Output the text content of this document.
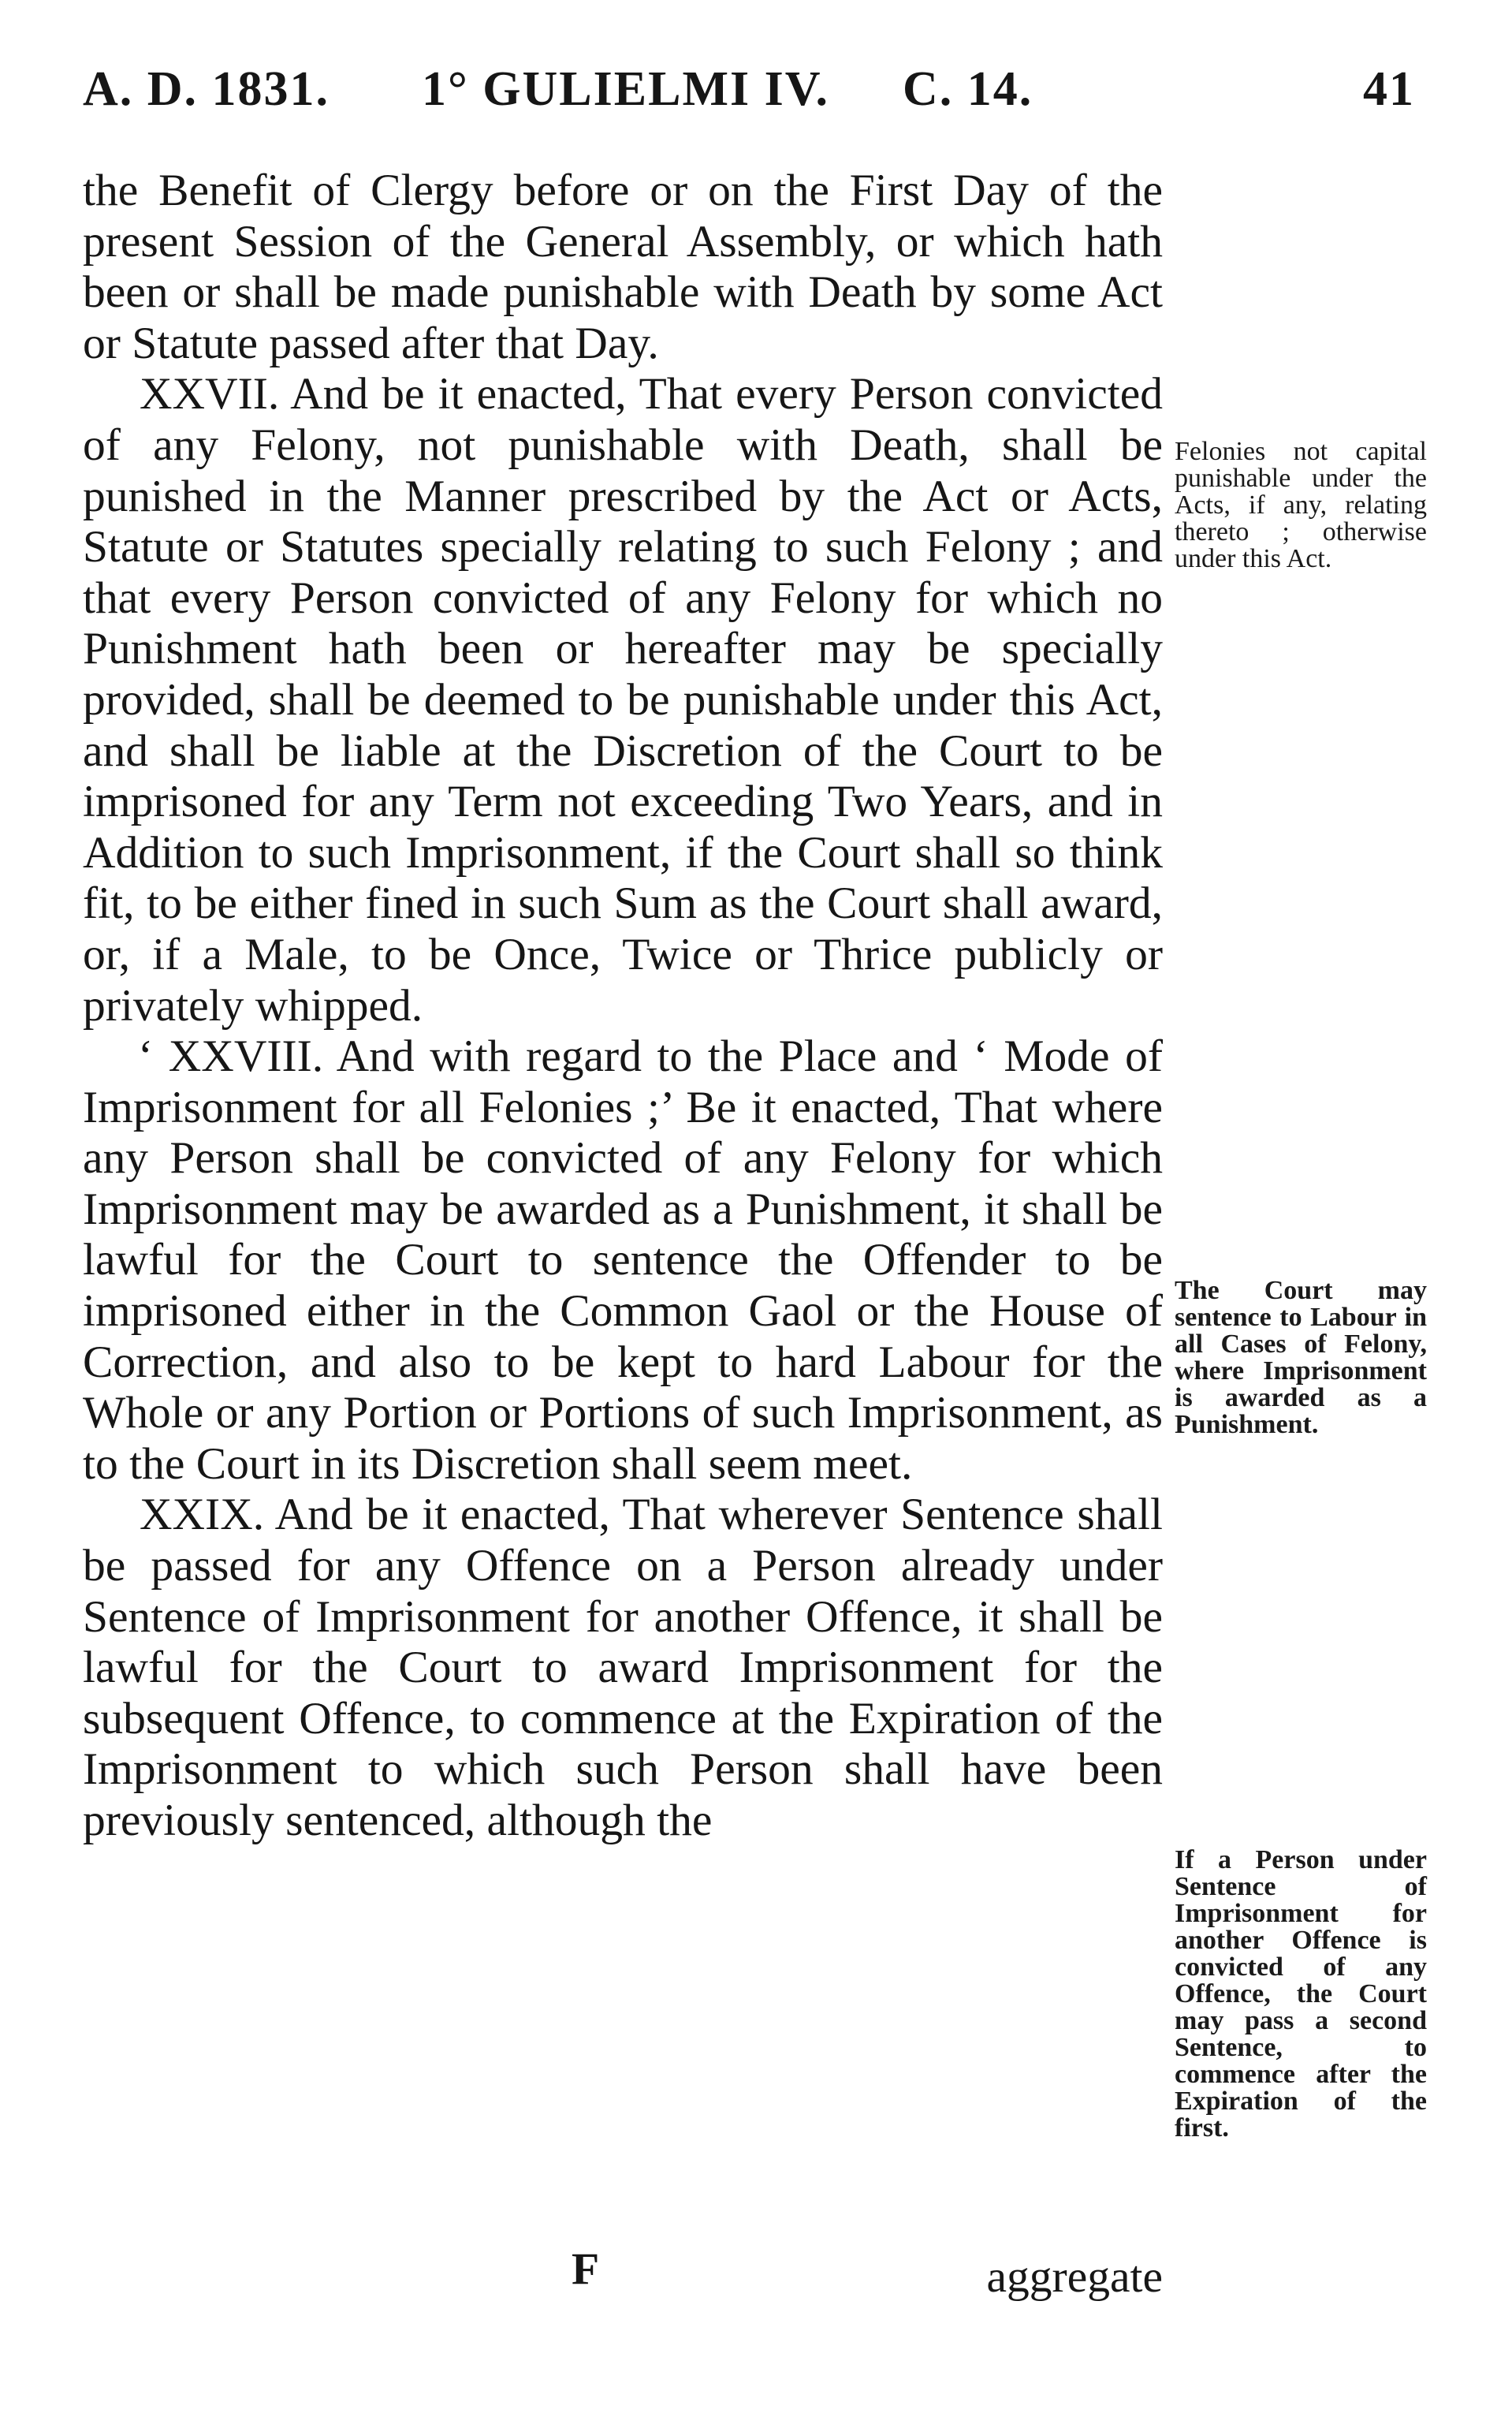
A. D. 1831. 1° GULIELMI IV. C. 14.	41

the Benefit of Clergy before or on the First Day of the present Session of the General Assembly, or which hath been or shall be made punishable with Death by some Act or Statute passed after that Day.

XXVII. And be it enacted, That every Person convicted of any Felony, not punishable with Death, shall be punished in the Manner prescribed by the Act or Acts, Statute or Statutes specially relating to such Felony ; and that every Person convicted of any Felony for which no Punishment hath been or hereafter may be specially provided, shall be deemed to be punishable under this Act, and shall be liable at the Discretion of the Court to be imprisoned for any Term not exceeding Two Years, and in Addition to such Imprisonment, if the Court shall so think fit, to be either fined in such Sum as the Court shall award, or, if a Male, to be Once, Twice or Thrice publicly or privately whipped.

‘ XXVIII. And with regard to the Place and ‘ Mode of Imprisonment for all Felonies ;’ Be it enacted, That where any Person shall be convicted of any Felony for which Imprisonment may be awarded as a Punishment, it shall be lawful for the Court to sentence the Offender to be imprisoned either in the Common Gaol or the House of Correction, and also to be kept to hard Labour for the Whole or any Portion or Portions of such Imprisonment, as to the Court in its Discretion shall seem meet.

XXIX. And be it enacted, That wherever Sentence shall be passed for any Offence on a Person already under Sentence of Imprisonment for another Offence, it shall be lawful for the Court to award Imprisonment for the subsequent Offence, to commence at the Expiration of the Imprisonment to which such Person shall have been previously sentenced, although the

Felonies not capital punishable under the Acts, if any, relating thereto ; otherwise under this Act.
The Court may sentence to Labour in all Cases of Felony, where Imprisonment is awarded as a Punishment.
If a Person under Sentence of Imprisonment for another Offence is convicted of any Offence, the Court may pass a second Sentence, to commence after the Expiration of the first.
F	aggregate
